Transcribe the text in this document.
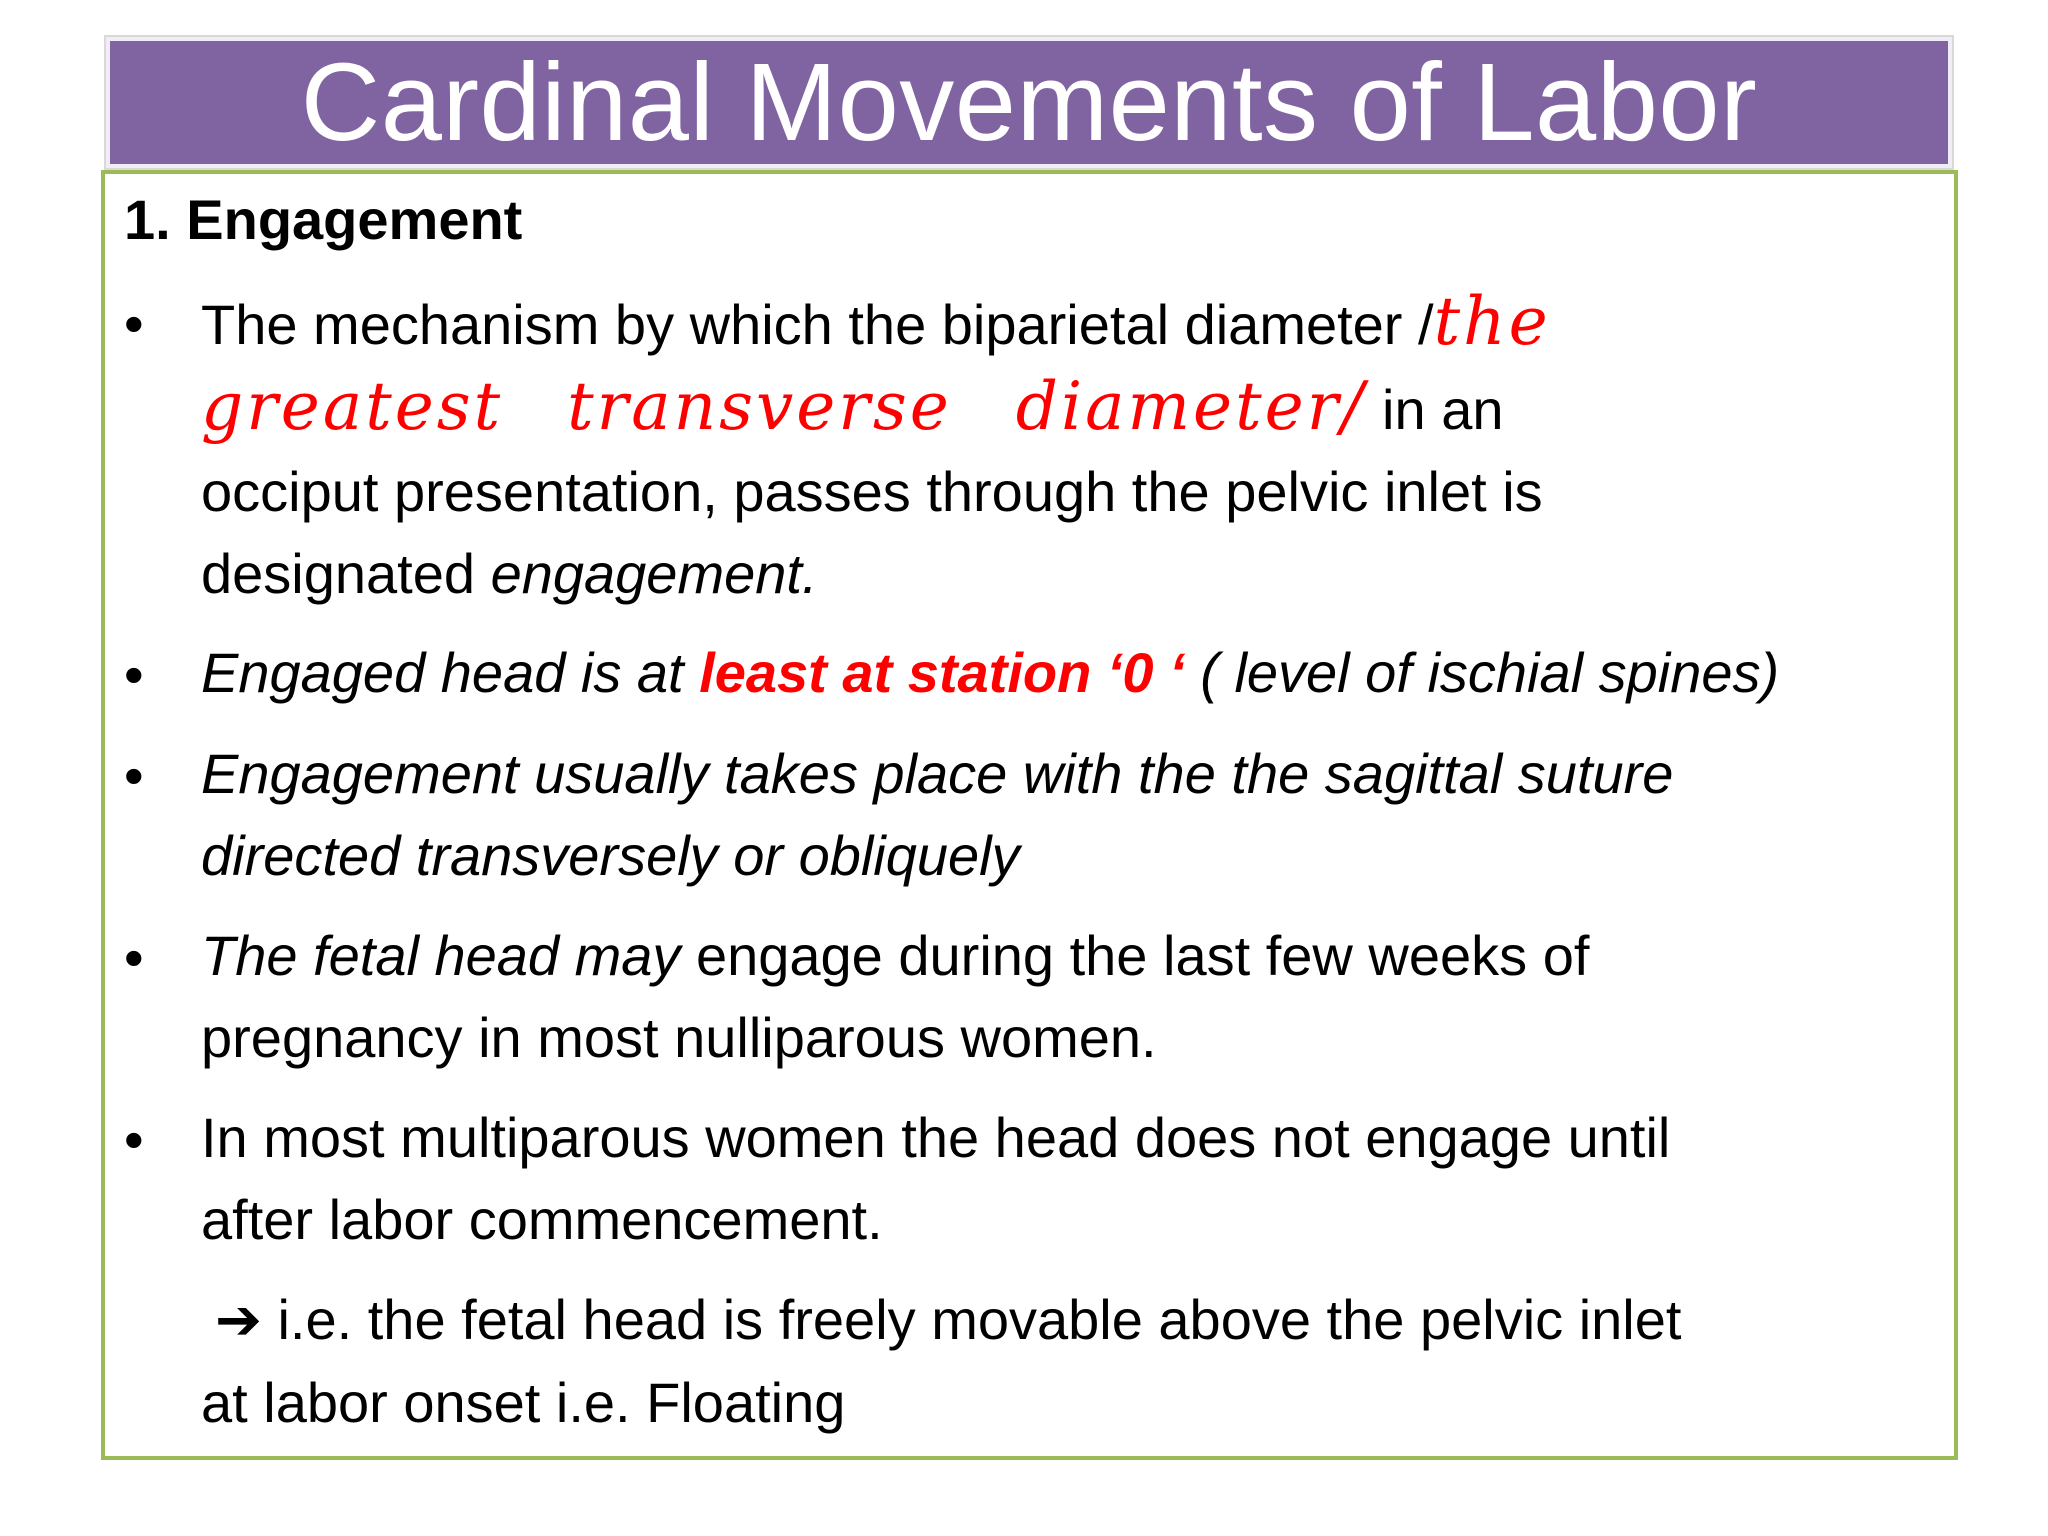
Cardinal Movements of Labor
1. Engagement
• The mechanism by which the biparietal diameter /the
greatest transverse diameter/ in an
occiput presentation, passes through the pelvic inlet is
designated engagement.
• Engaged head is at least at station ‘0 ‘ ( level of ischial spines)
• Engagement usually takes place with the the sagittal suture
directed transversely or obliquely
• The fetal head may engage during the last few weeks of
pregnancy in most nulliparous women.
• In most multiparous women the head does not engage until
after labor commencement.
➔ i.e. the fetal head is freely movable above the pelvic inlet
at labor onset i.e. Floating
